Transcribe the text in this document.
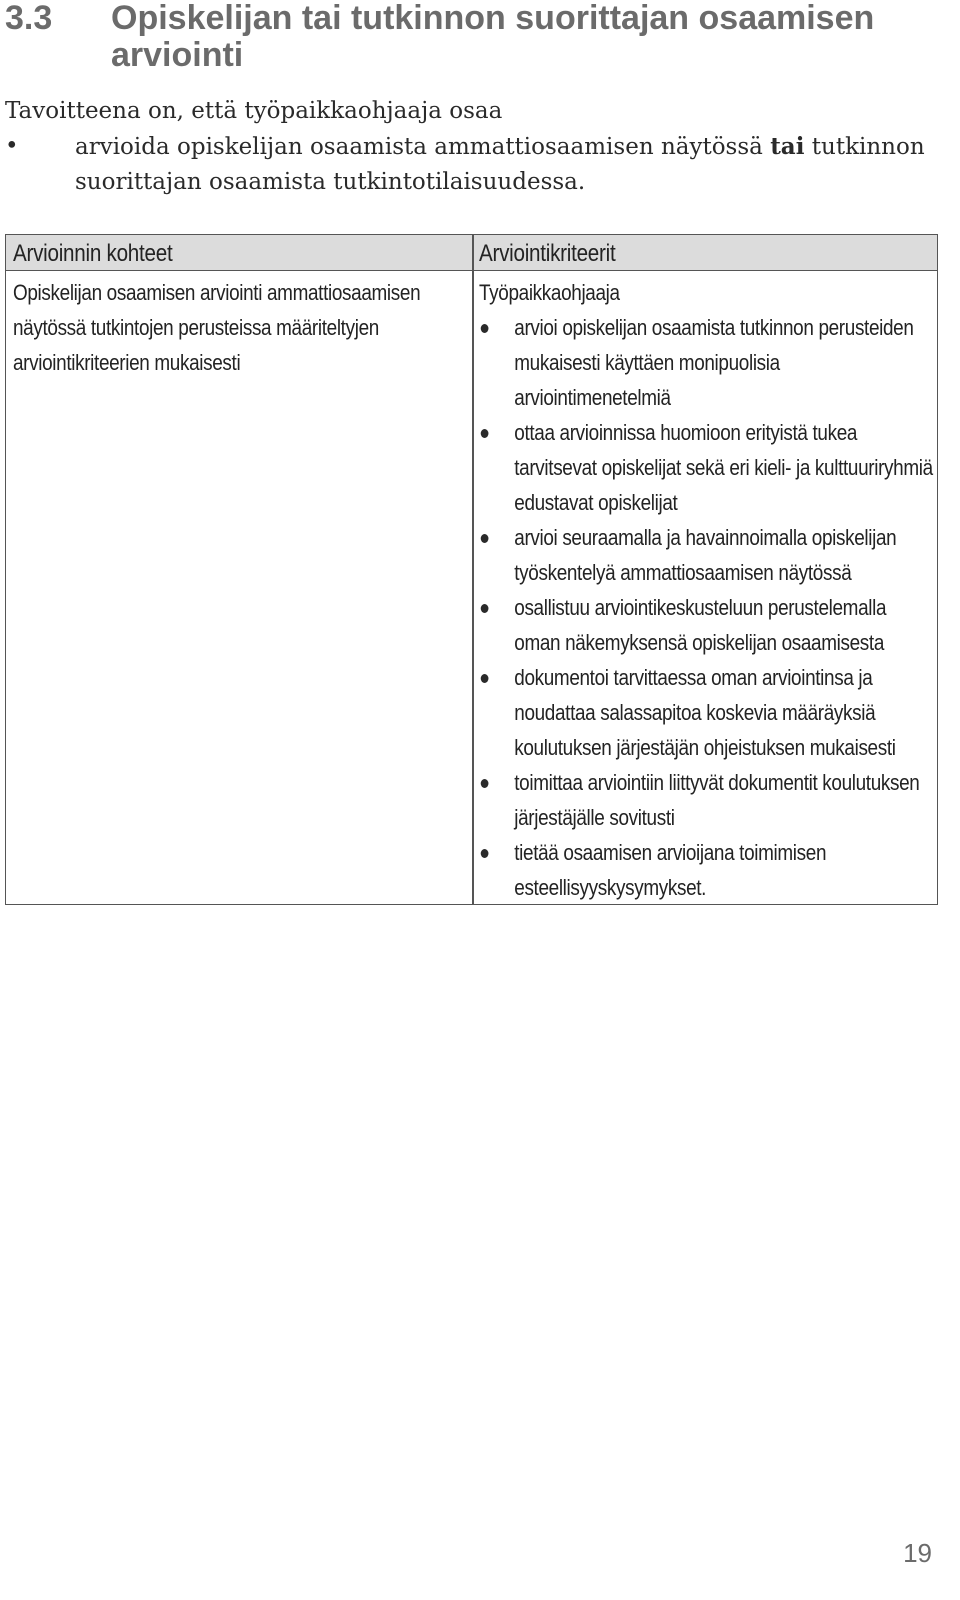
3.3 Opiskelijan tai tutkinnon suorittajan osaamisen arviointi
Tavoitteena on, että työpaikkaohjaaja osaa
• arvioida opiskelijan osaamista ammattiosaamisen näytössä tai tutkinnon suorittajan osaamista tutkintotilaisuudessa.
Arvioinnin kohteet	Arviointikriteerit
Opiskelijan osaamisen arviointi ammattiosaamisen näytössä tutkintojen perusteissa määriteltyjen arviointikriteerien mukaisesti
Työpaikkaohjaaja
arvioi opiskelijan osaamista tutkinnon perusteiden mukaisesti käyttäen monipuolisia arviointimenetelmiä
ottaa arvioinnissa huomioon erityistä tukea tarvitsevat opiskelijat sekä eri kieli- ja kulttuuriryhmiä edustavat opiskelijat
arvioi seuraamalla ja havainnoimalla opiskelijan työskentelyä ammattiosaamisen näytössä
osallistuu arviointikeskusteluun perustelemalla oman näkemyksensä opiskelijan osaamisesta
dokumentoi tarvittaessa oman arviointinsa ja noudattaa salassapitoa koskevia määräyksiä koulutuksen järjestäjän ohjeistuksen mukaisesti
toimittaa arviointiin liittyvät dokumentit koulutuksen järjestäjälle sovitusti
tietää osaamisen arvioijana toimimisen esteellisyyskysymykset.
19
